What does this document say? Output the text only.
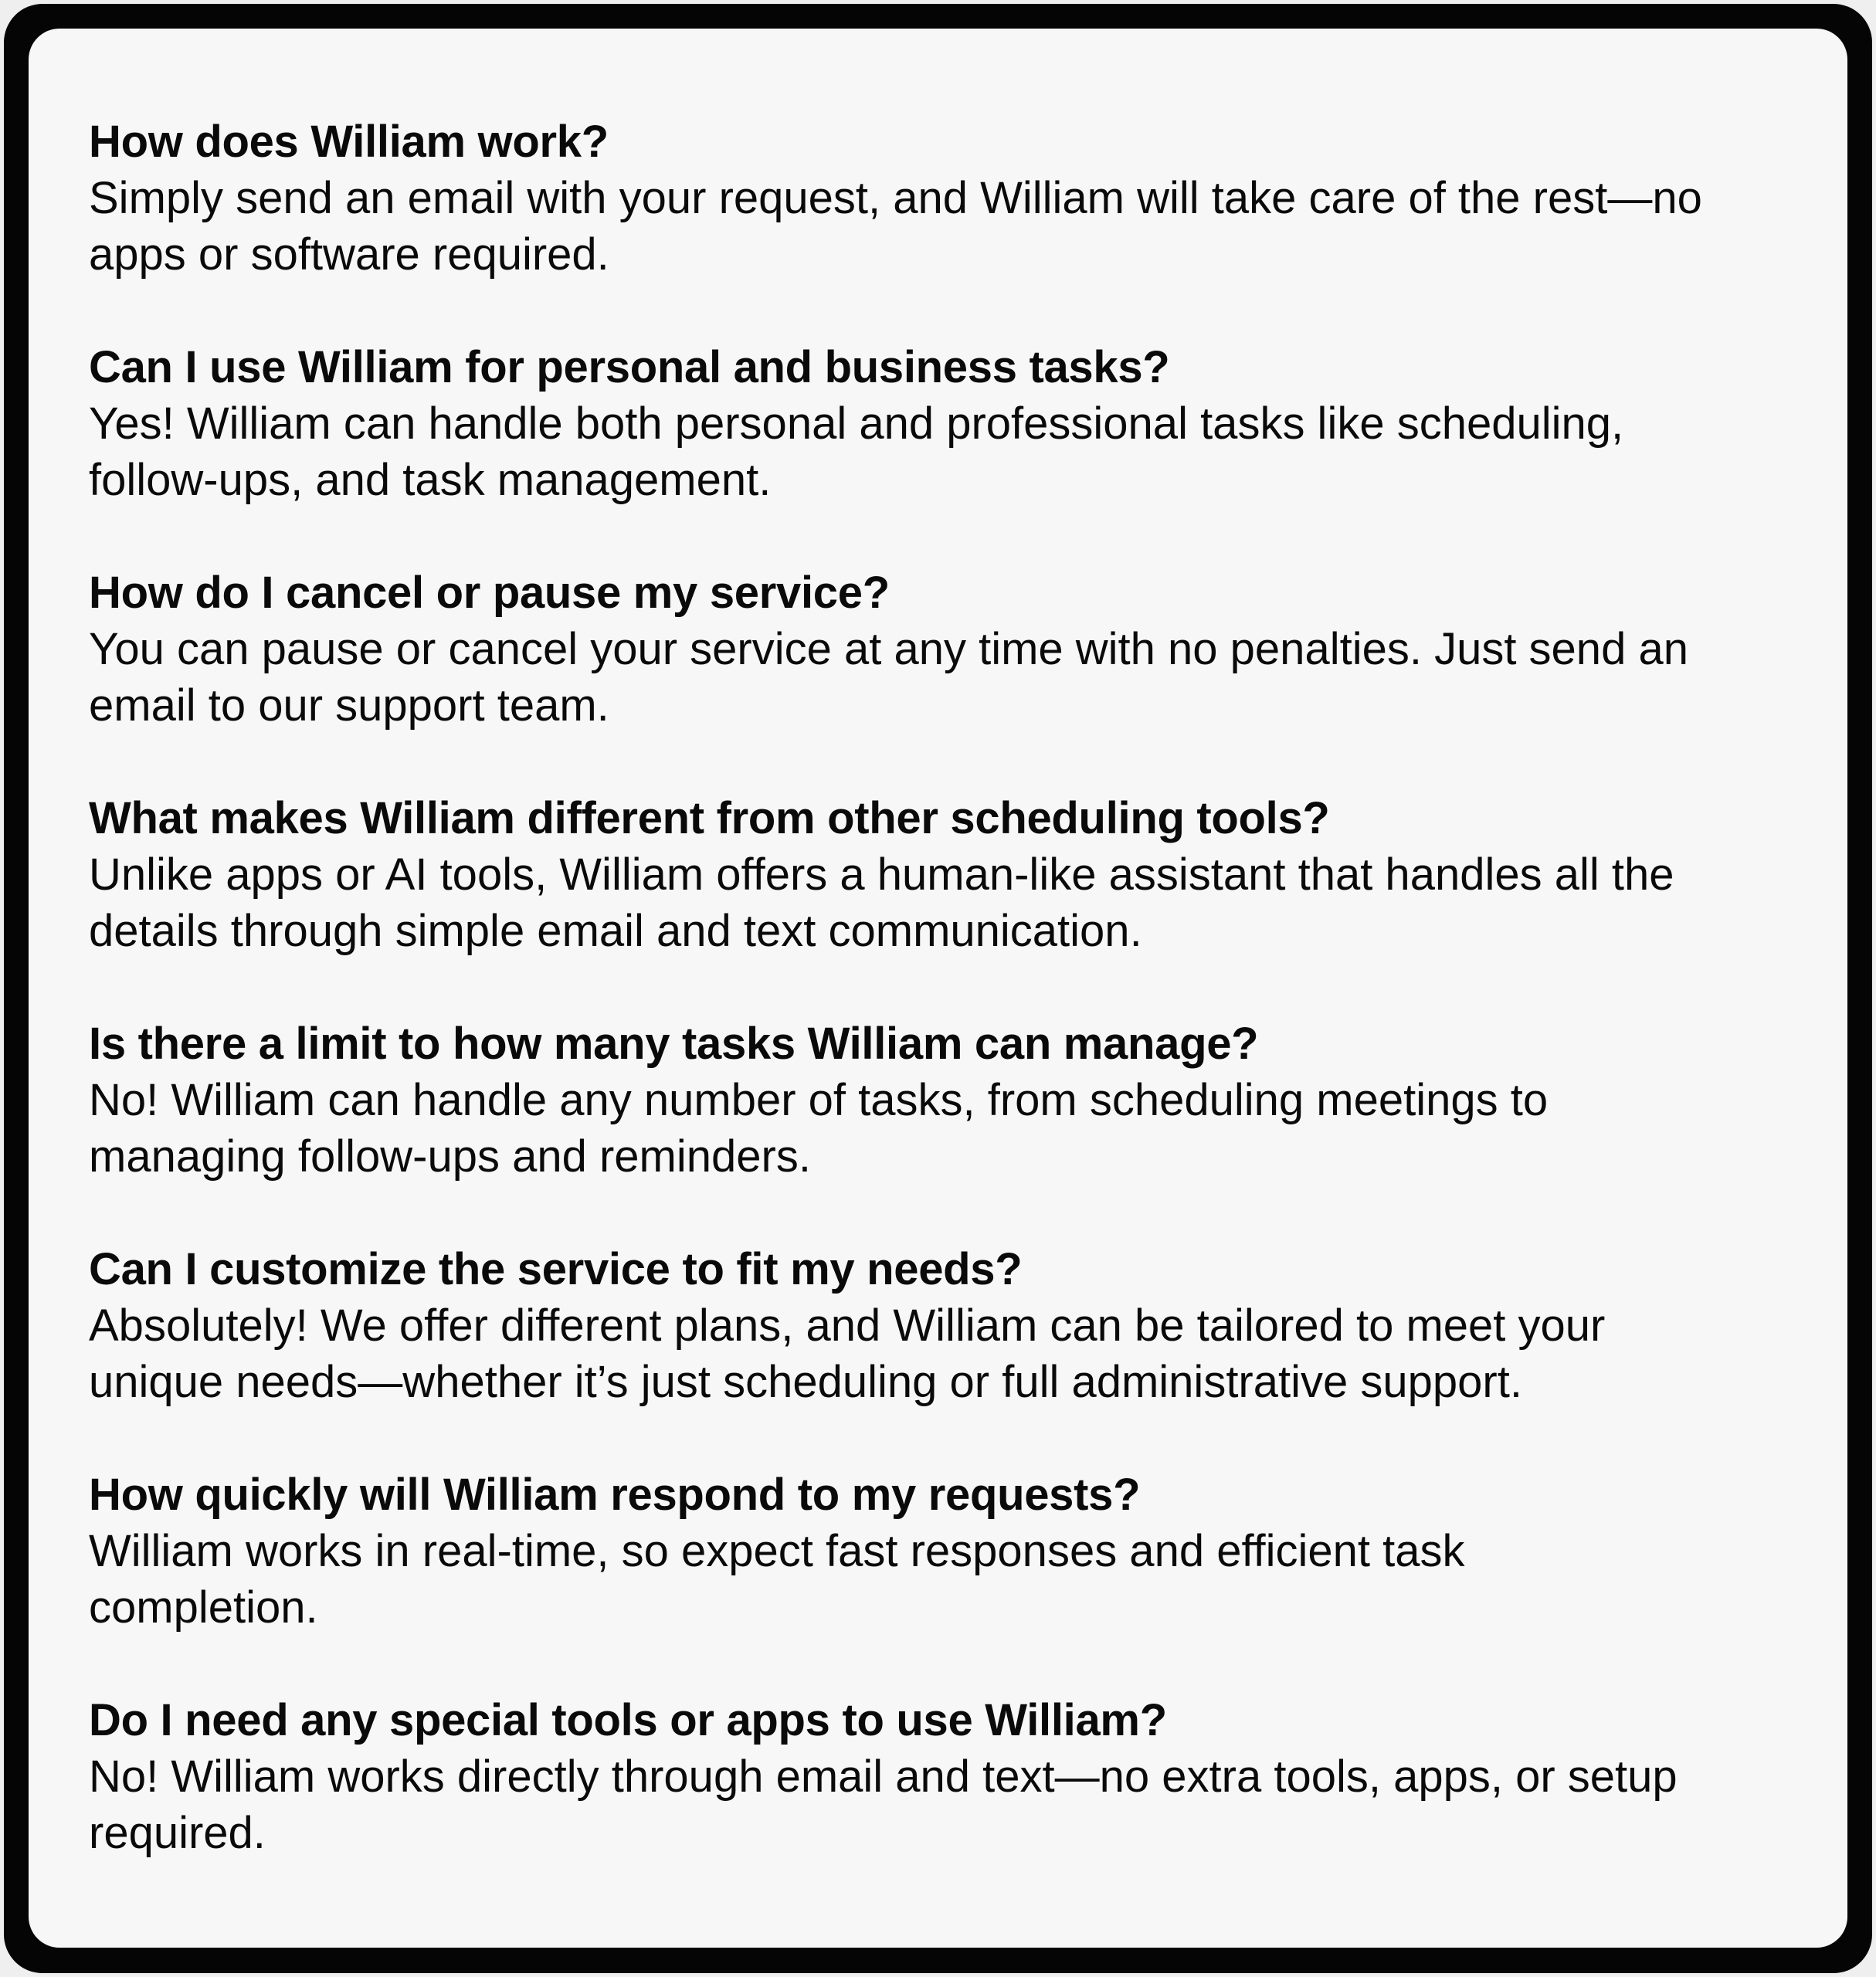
How does William work?

Simply send an email with your request, and William will take care of the rest—no
apps or software required.

Can I use William for personal and business tasks?

Yes! William can handle both personal and professional tasks like scheduling,
follow-ups, and task management.

How do I cancel or pause my service?

You can pause or cancel your service at any time with no penalties. Just send an
email to our support team.

What makes William different from other scheduling tools?

Unlike apps or AI tools, William offers a human-like assistant that handles all the
details through simple email and text communication.

Is there a limit to how many tasks William can manage?

No! William can handle any number of tasks, from scheduling meetings to
managing follow-ups and reminders.

Can I customize the service to fit my needs?

Absolutely! We offer different plans, and William can be tailored to meet your
unique needs—whether it’s just scheduling or full administrative support.

How quickly will William respond to my requests?

William works in real-time, so expect fast responses and efficient task
completion.

Do I need any special tools or apps to use William?

No! William works directly through email and text—no extra tools, apps, or setup
required.
